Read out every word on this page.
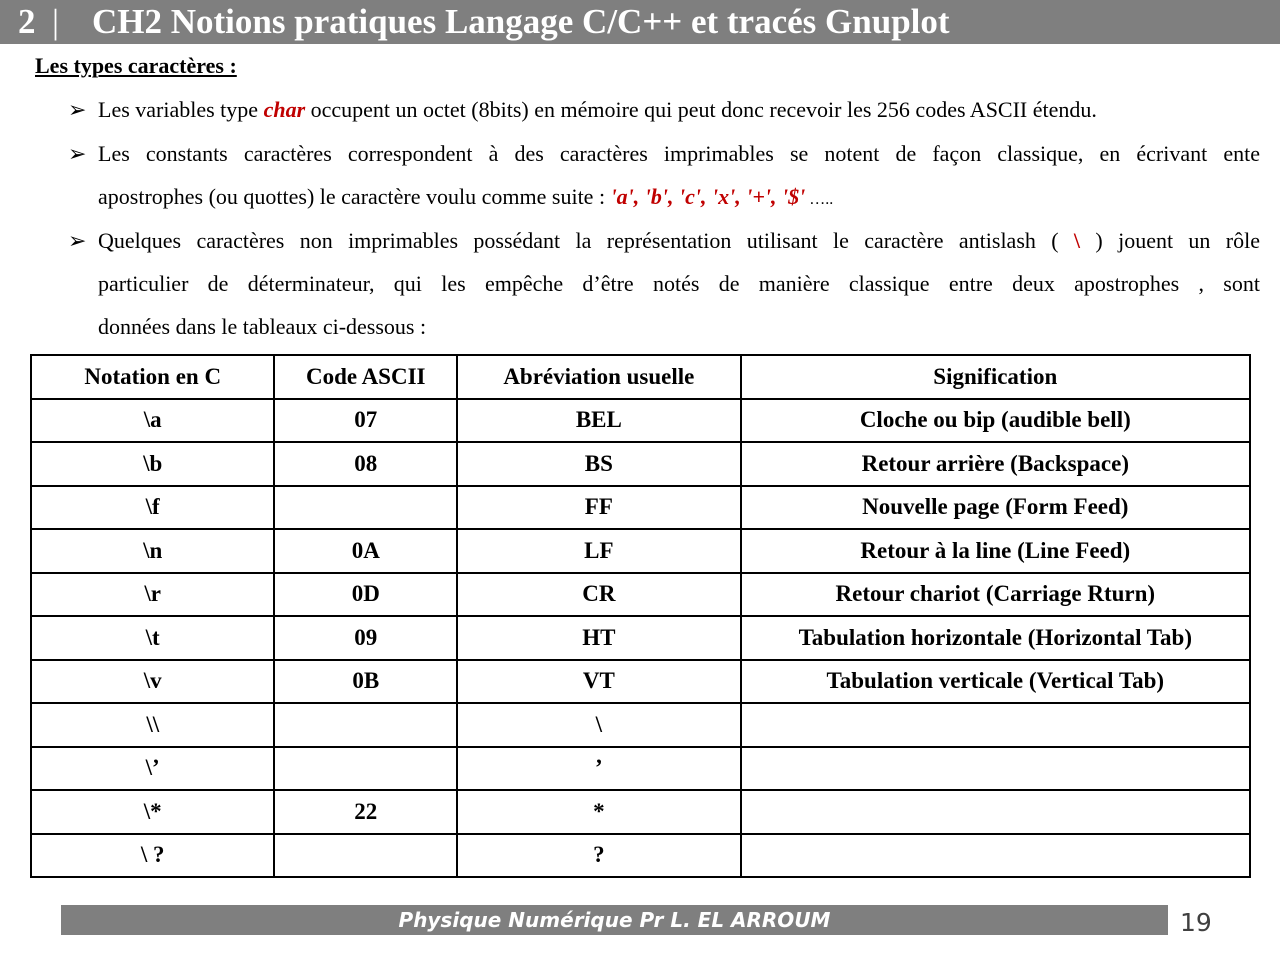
2 | CH2 Notions pratiques Langage C/C++ et tracés Gnuplot
Les types caractères :
➢ Les variables type char occupent un octet (8bits) en mémoire qui peut donc recevoir les 256 codes ASCII étendu.
➢ Les constants caractères correspondent à des caractères imprimables se notent de façon classique, en écrivant ente
apostrophes (ou quottes) le caractère voulu comme suite : 'a', 'b', 'c', 'x', '+', '$' …..
➢ Quelques caractères non imprimables possédant la représentation utilisant le caractère antislash ( \ ) jouent un rôle
particulier de déterminateur, qui les empêche d’être notés de manière classique entre deux apostrophes , sont
données dans le tableaux ci-dessous :
Notation en C	Code ASCII	Abréviation usuelle	Signification
\a	07	BEL	Cloche ou bip (audible bell)
\b	08	BS	Retour arrière (Backspace)
\f		FF	Nouvelle page (Form Feed)
\n	0A	LF	Retour à la line (Line Feed)
\r	0D	CR	Retour chariot (Carriage Rturn)
\t	09	HT	Tabulation horizontale (Horizontal Tab)
\v	0B	VT	Tabulation verticale (Vertical Tab)
\\		\	
\’		’	
\*	22	*	
\ ?		?	
Physique Numérique Pr L. EL ARROUM	19
